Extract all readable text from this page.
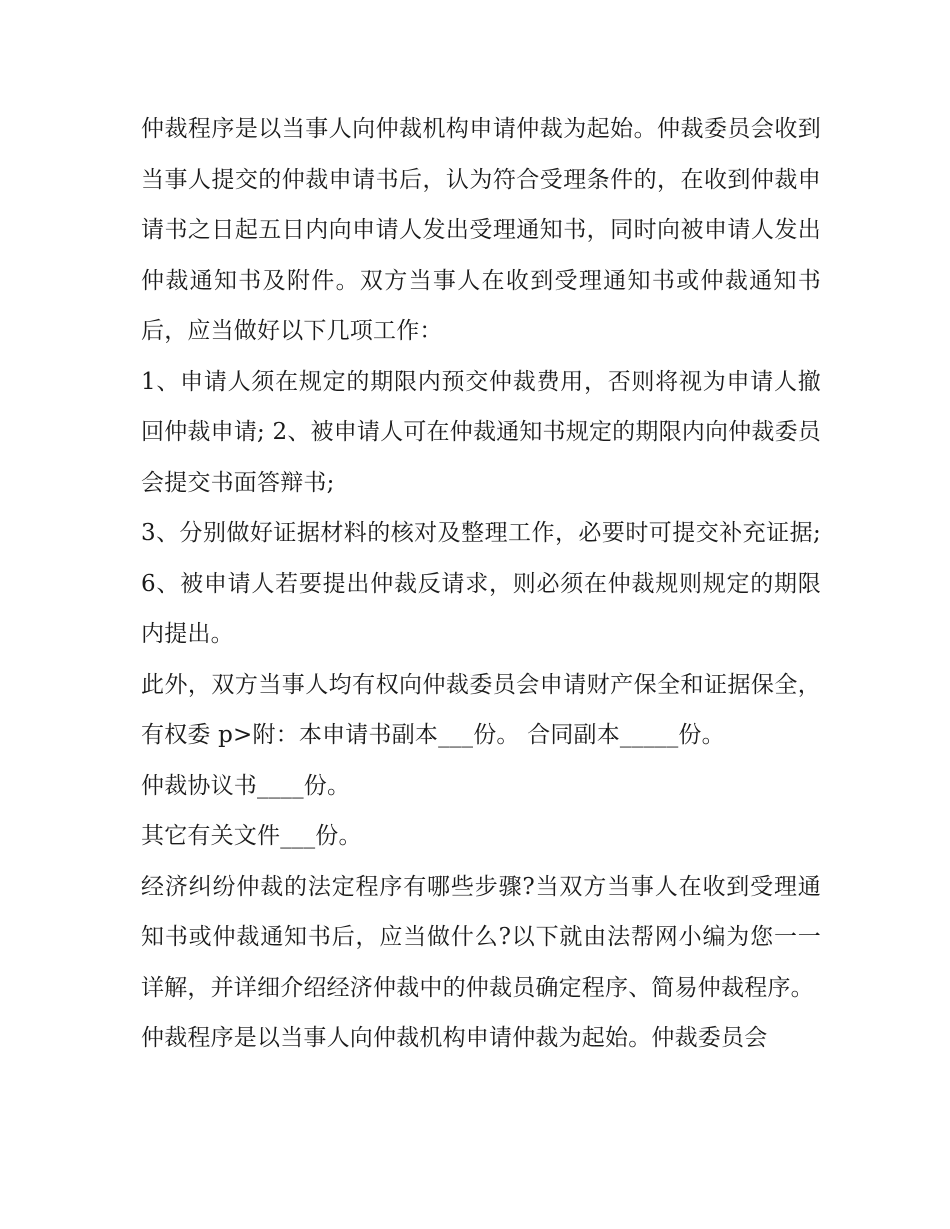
仲裁程序是以当事人向仲裁机构申请仲裁为起始。仲裁委员会收到当事人提交的仲裁申请书后，认为符合受理条件的，在收到仲裁申请书之日起五日内向申请人发出受理通知书，同时向被申请人发出仲裁通知书及附件。双方当事人在收到受理通知书或仲裁通知书后，应当做好以下几项工作：

1、申请人须在规定的期限内预交仲裁费用，否则将视为申请人撤回仲裁申请; 2、被申请人可在仲裁通知书规定的期限内向仲裁委员会提交书面答辩书;

3、分别做好证据材料的核对及整理工作，必要时可提交补充证据; 6、被申请人若要提出仲裁反请求，则必须在仲裁规则规定的期限内提出。

此外，双方当事人均有权向仲裁委员会申请财产保全和证据保全，有权委 p>附：本申请书副本___份。 合同副本_____份。

仲裁协议书____份。

其它有关文件___份。

经济纠纷仲裁的法定程序有哪些步骤?当双方当事人在收到受理通知书或仲裁通知书后，应当做什么?以下就由法帮网小编为您一一详解，并详细介绍经济仲裁中的仲裁员确定程序、简易仲裁程序。

仲裁程序是以当事人向仲裁机构申请仲裁为起始。仲裁委员会
